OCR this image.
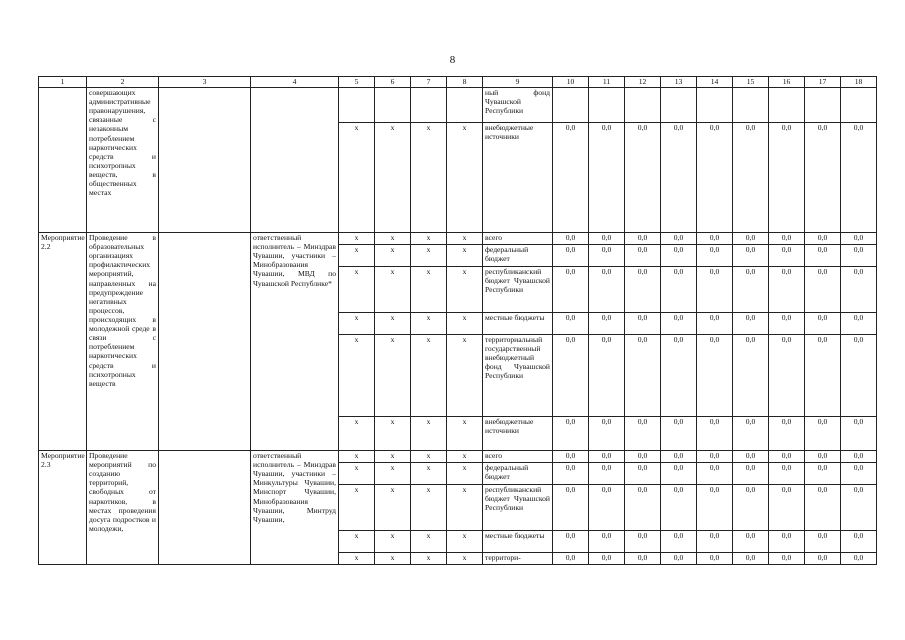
8
1	2	3	4	5	6	7	8	9	10	11	12	13	14	15	16	17	18
	совершающих административные правонарушения, связанные с незаконным потреблением наркотических средств и психотропных веществ, в общественных местах							ный фонд Чувашской Республики									
				х	х	х	х	внебюджетные источники	0,0	0,0	0,0	0,0	0,0	0,0	0,0	0,0	0,0
Мероприятие 2.2	Проведение в образовательных организациях профилактических мероприятий, направленных на предупреждение негативных процессов, происходящих в молодежной среде в связи с потреблением наркотических средств и психотропных веществ		ответственный исполнитель – Минздрав Чувашии, участники – Минобразования Чувашии, МВД по Чувашской Республике*	х	х	х	х	всего	0,0	0,0	0,0	0,0	0,0	0,0	0,0	0,0	0,0
				х	х	х	х	федеральный бюджет	0,0	0,0	0,0	0,0	0,0	0,0	0,0	0,0	0,0
				х	х	х	х	республиканский бюджет Чувашской Республики	0,0	0,0	0,0	0,0	0,0	0,0	0,0	0,0	0,0
				х	х	х	х	местные бюджеты	0,0	0,0	0,0	0,0	0,0	0,0	0,0	0,0	0,0
				х	х	х	х	территориальный государственный внебюджетный фонд Чувашской Республики	0,0	0,0	0,0	0,0	0,0	0,0	0,0	0,0	0,0
				х	х	х	х	внебюджетные источники	0,0	0,0	0,0	0,0	0,0	0,0	0,0	0,0	0,0
Мероприятие 2.3	Проведение мероприятий по созданию территорий, свободных от наркотиков, в местах проведения досуга подростков и молодежи,		ответственный исполнитель – Минздрав Чувашии, участники – Минкультуры Чувашии, Минспорт Чувашии, Минобразования Чувашии, Минтруд Чувашии,	х	х	х	х	всего	0,0	0,0	0,0	0,0	0,0	0,0	0,0	0,0	0,0
				х	х	х	х	федеральный бюджет	0,0	0,0	0,0	0,0	0,0	0,0	0,0	0,0	0,0
				х	х	х	х	республиканский бюджет Чувашской Республики	0,0	0,0	0,0	0,0	0,0	0,0	0,0	0,0	0,0
				х	х	х	х	местные бюджеты	0,0	0,0	0,0	0,0	0,0	0,0	0,0	0,0	0,0
				х	х	х	х	территори-	0,0	0,0	0,0	0,0	0,0	0,0	0,0	0,0	0,0
